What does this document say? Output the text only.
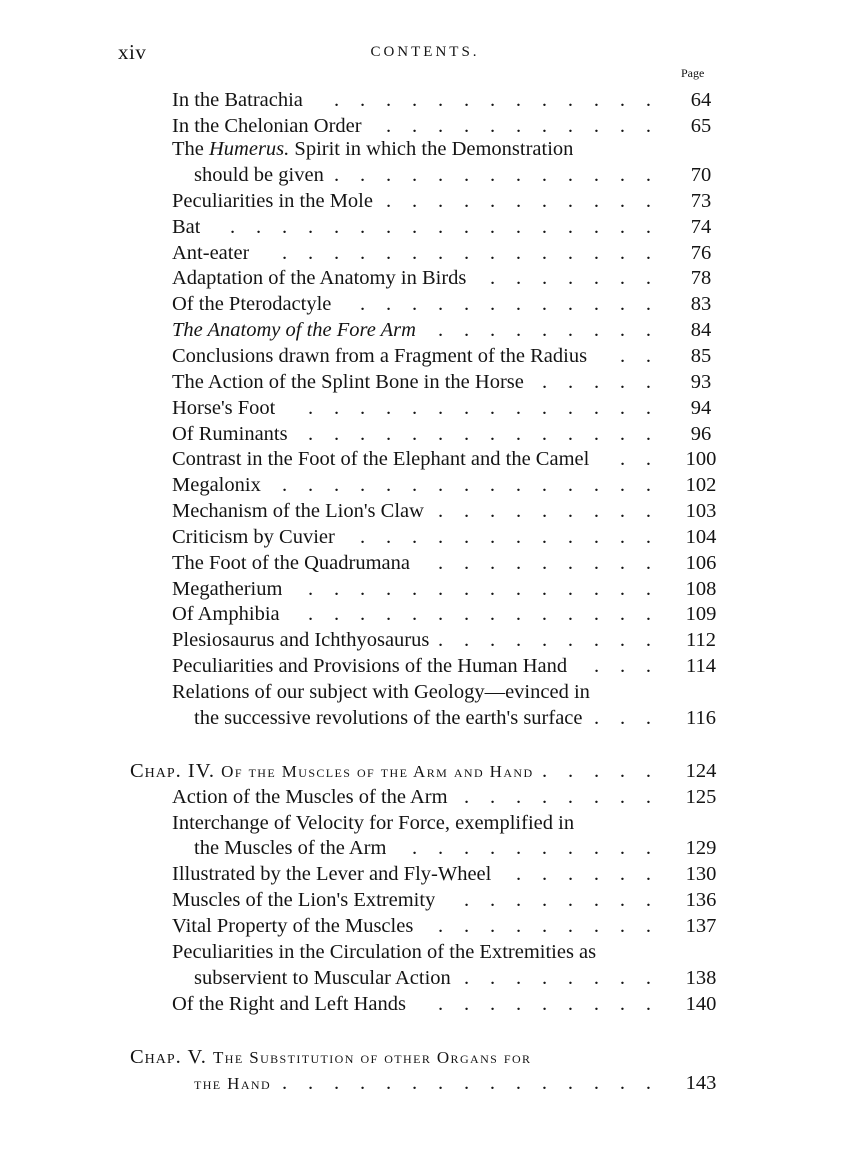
xiv	CONTENTS.
Page
In the Batrachia .     .     .     .     .     .     .     .     .     .     .     .     .	64
In the Chelonian Order .     .     .     .     .     .     .     .     .     .     .	65
The Humerus. Spirit in which the Demonstration
should be given .     .     .     .     .     .     .     .     .     .     .     .     .	70
Peculiarities in the Mole .     .     .     .     .     .     .     .     .     .     .	73
Bat .     .     .     .     .     .     .     .     .     .     .     .     .     .     .     .     .	74
Ant-eater .     .     .     .     .     .     .     .     .     .     .     .     .     .     .	76
Adaptation of the Anatomy in Birds .     .     .     .     .     .     .	78
Of the Pterodactyle .     .     .     .     .     .     .     .     .     .     .     .	83
The Anatomy of the Fore Arm .     .     .     .     .     .     .     .     .	84
Conclusions drawn from a Fragment of the Radius .     .	85
The Action of the Splint Bone in the Horse .     .     .     .     .	93
Horse's Foot .     .     .     .     .     .     .     .     .     .     .     .     .     .	94
Of Ruminants .     .     .     .     .     .     .     .     .     .     .     .     .     .	96
Contrast in the Foot of the Elephant and the Camel .     .	100
Megalonix .     .     .     .     .     .     .     .     .     .     .     .     .     .     .	102
Mechanism of the Lion's Claw .     .     .     .     .     .     .     .     .	103
Criticism by Cuvier .     .     .     .     .     .     .     .     .     .     .     .	104
The Foot of the Quadrumana .     .     .     .     .     .     .     .     .	106
Megatherium .     .     .     .     .     .     .     .     .     .     .     .     .     .	108
Of Amphibia .     .     .     .     .     .     .     .     .     .     .     .     .     .	109
Plesiosaurus and Ichthyosaurus .     .     .     .     .     .     .     .     .	112
Peculiarities and Provisions of the Human Hand .     .     .	114
Relations of our subject with Geology—evinced in
the successive revolutions of the earth's surface .     .     .	116
Chap. IV. Of the Muscles of the Arm and Hand .     .     .     .     .	124
Action of the Muscles of the Arm .     .     .     .     .     .     .     .	125
Interchange of Velocity for Force, exemplified in
the Muscles of the Arm .     .     .     .     .     .     .     .     .     .	129
Illustrated by the Lever and Fly-Wheel .     .     .     .     .     .	130
Muscles of the Lion's Extremity .     .     .     .     .     .     .     .	136
Vital Property of the Muscles .     .     .     .     .     .     .     .     .	137
Peculiarities in the Circulation of the Extremities as
subservient to Muscular Action .     .     .     .     .     .     .     .	138
Of the Right and Left Hands .     .     .     .     .     .     .     .     .	140
Chap. V. The Substitution of other Organs for
the Hand .     .     .     .     .     .     .     .     .     .     .     .     .     .     .	143
